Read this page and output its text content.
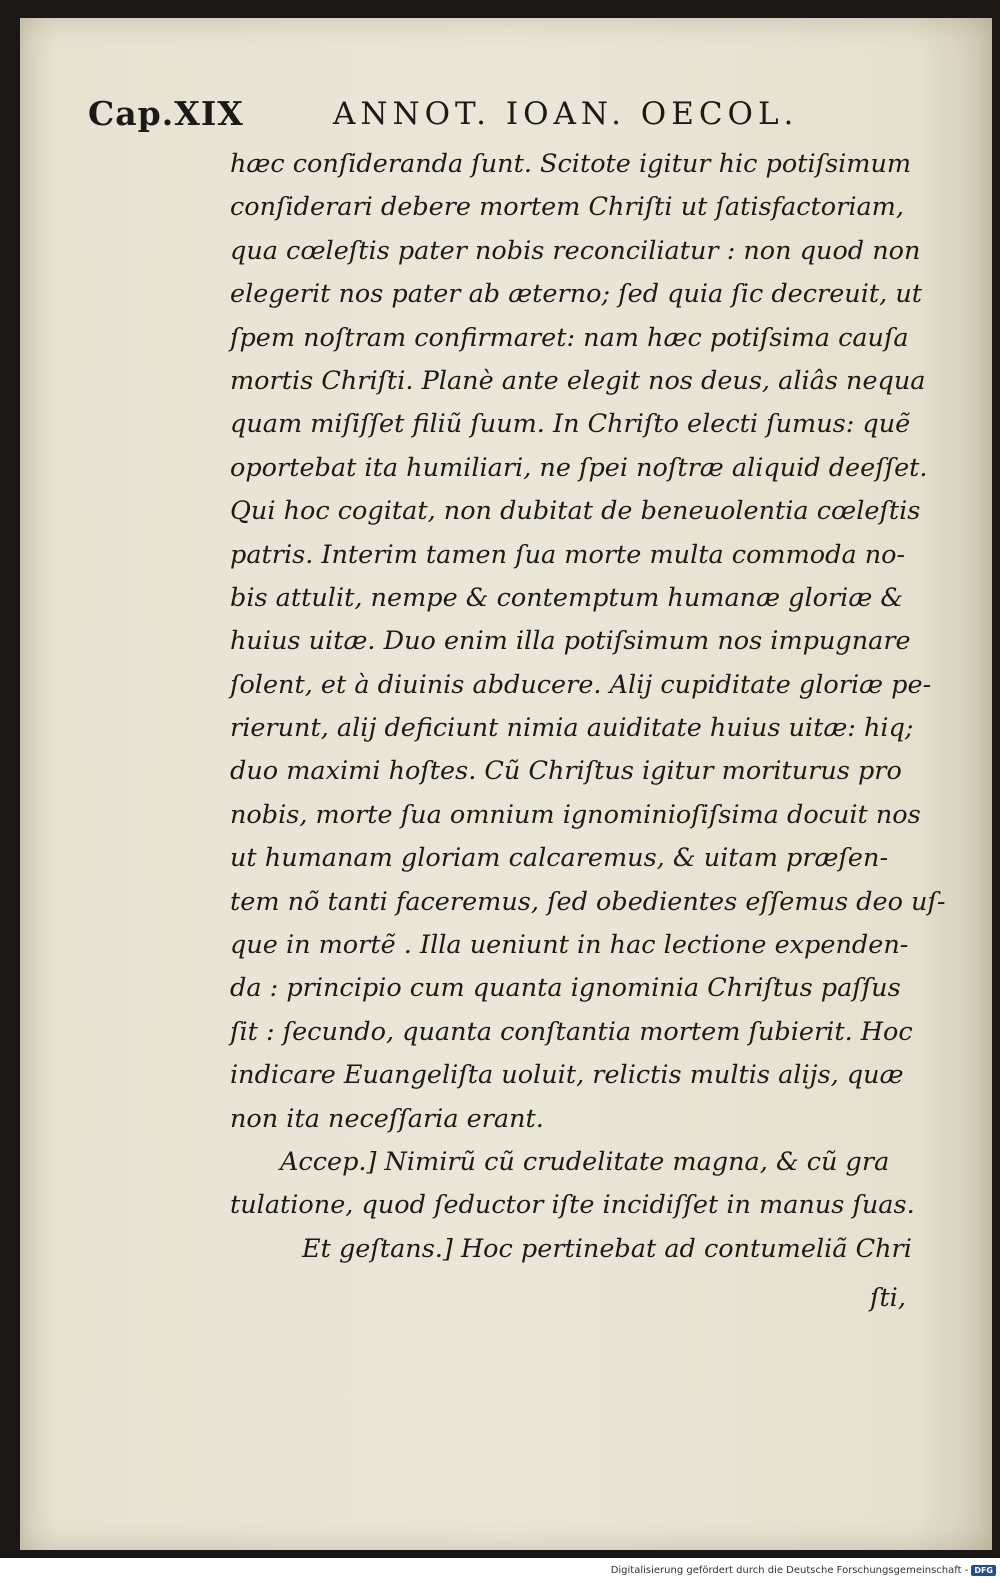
Cap.XIX	ANNOT. IOAN. OECOL.
hæc conſideranda ſunt. Scitote igitur hic potiſsimum
conſiderari debere mortem Chriſti ut ſatisfactoriam,
qua cœleſtis pater nobis reconciliatur : non quod non
elegerit nos pater ab æterno; ſed quia ſic decreuit, ut
ſpem noſtram confirmaret: nam hæc potiſsima cauſa
mortis Chriſti. Planè ante elegit nos deus, aliâs nequa
quam miſiſſet filiũ ſuum. In Chriſto electi ſumus: quẽ
oportebat ita humiliari, ne ſpei noſtræ aliquid deeſſet.
Qui hoc cogitat, non dubitat de beneuolentia cœleſtis
patris. Interim tamen ſua morte multa commoda no-
bis attulit, nempe & contemptum humanæ gloriæ &
huius uitæ. Duo enim illa potiſsimum nos impugnare
ſolent, et à diuinis abducere. Alij cupiditate gloriæ pe-
rierunt, alij deficiunt nimia auiditate huius uitæ: hiq;
duo maximi hoſtes. Cũ Chriſtus igitur moriturus pro
nobis, morte ſua omnium ignominioſiſsima docuit nos
ut humanam gloriam calcaremus, & uitam præſen-
tem nõ tanti faceremus, ſed obedientes eſſemus deo uſ-
que in mortẽ . Illa ueniunt in hac lectione expenden-
da : principio cum quanta ignominia Chriſtus paſſus
ſit : ſecundo, quanta conſtantia mortem ſubierit. Hoc
indicare Euangeliſta uoluit, relictis multis alijs, quæ
non ita neceſſaria erant.
Accep.] Nimirũ cũ crudelitate magna, & cũ gra
tulatione, quod ſeductor iſte incidiſſet in manus ſuas.
Et geſtans.] Hoc pertinebat ad contumeliã Chri
ſti,
Digitalisierung gefördert durch die Deutsche Forschungsgemeinschaft - DFG
